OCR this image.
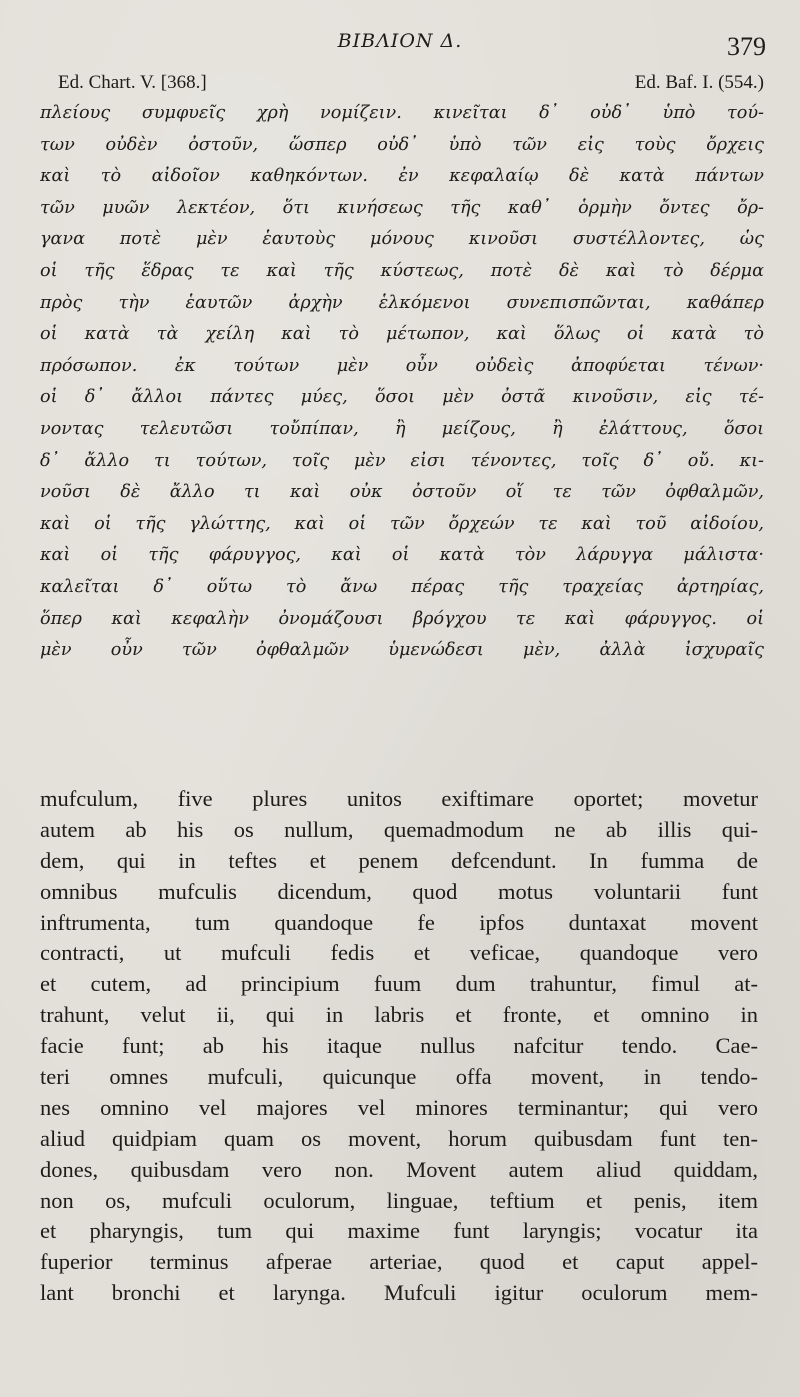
ΒΙΒΛΙΟΝ Δ.	379
Ed. Chart. V. [368.]	Ed. Baf. I. (554.)
πλείους συμφυεῖς χρὴ νομίζειν. κινεῖται δ᾽ οὐδ᾽ ὑπὸ τού-
των οὐδὲν ὀστοῦν, ὥσπερ οὐδ᾽ ὑπὸ τῶν εἰς τοὺς ὄρχεις
καὶ τὸ αἰδοῖον καθηκόντων. ἐν κεφαλαίῳ δὲ κατὰ πάντων
τῶν μυῶν λεκτέον, ὅτι κινήσεως τῆς καθ᾽ ὁρμὴν ὄντες ὄρ-
γανα ποτὲ μὲν ἑαυτοὺς μόνους κινοῦσι συστέλλοντες, ὡς
οἱ τῆς ἕδρας τε καὶ τῆς κύστεως, ποτὲ δὲ καὶ τὸ δέρμα
πρὸς τὴν ἑαυτῶν ἀρχὴν ἑλκόμενοι συνεπισπῶνται, καθάπερ
οἱ κατὰ τὰ χείλη καὶ τὸ μέτωπον, καὶ ὅλως οἱ κατὰ τὸ
πρόσωπον. ἐκ τούτων μὲν οὖν οὐδεὶς ἀποφύεται τένων·
οἱ δ᾽ ἄλλοι πάντες μύες, ὅσοι μὲν ὀστᾶ κινοῦσιν, εἰς τέ-
νοντας τελευτῶσι τοὔπίπαν, ἢ μείζους, ἢ ἐλάττους, ὅσοι
δ᾽ ἄλλο τι τούτων, τοῖς μὲν εἰσι τένοντες, τοῖς δ᾽ οὔ. κι-
νοῦσι δὲ ἄλλο τι καὶ οὐκ ὀστοῦν οἵ τε τῶν ὀφθαλμῶν,
καὶ οἱ τῆς γλώττης, καὶ οἱ τῶν ὄρχεών τε καὶ τοῦ αἰδοίου,
καὶ οἱ τῆς φάρυγγος, καὶ οἱ κατὰ τὸν λάρυγγα μάλιστα·
καλεῖται δ᾽ οὕτω τὸ ἄνω πέρας τῆς τραχείας ἀρτηρίας,
ὅπερ καὶ κεφαλὴν ὀνομάζουσι βρόγχου τε καὶ φάρυγγος. οἱ
μὲν οὖν τῶν ὀφθαλμῶν ὑμενώδεσι μὲν, ἀλλὰ ἰσχυραῖς
mufculum, five plures unitos exiftimare oportet; movetur
autem ab his os nullum, quemadmodum ne ab illis qui-
dem, qui in teftes et penem defcendunt. In fumma de
omnibus mufculis dicendum, quod motus voluntarii funt
inftrumenta, tum quandoque fe ipfos duntaxat movent
contracti, ut mufculi fedis et veficae, quandoque vero
et cutem, ad principium fuum dum trahuntur, fimul at-
trahunt, velut ii, qui in labris et fronte, et omnino in
facie funt; ab his itaque nullus nafcitur tendo. Cae-
teri omnes mufculi, quicunque offa movent, in tendo-
nes omnino vel majores vel minores terminantur; qui vero
aliud quidpiam quam os movent, horum quibusdam funt ten-
dones, quibusdam vero non. Movent autem aliud quiddam,
non os, mufculi oculorum, linguae, teftium et penis, item
et pharyngis, tum qui maxime funt laryngis; vocatur ita
fuperior terminus afperae arteriae, quod et caput appel-
lant bronchi et larynga. Mufculi igitur oculorum mem-
